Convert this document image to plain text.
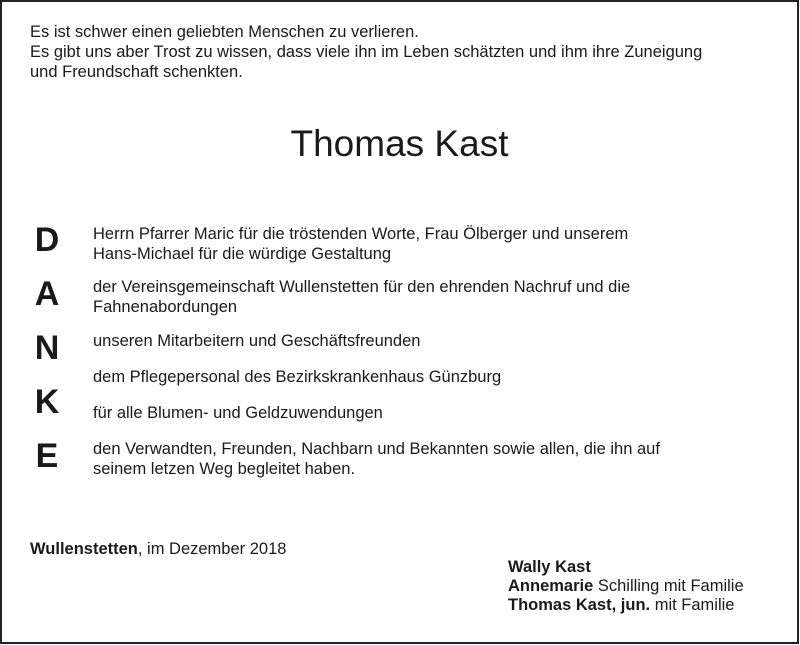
Es ist schwer einen geliebten Menschen zu verlieren.
Es gibt uns aber Trost zu wissen, dass viele ihn im Leben schätzten und ihm ihre Zuneigung
und Freundschaft schenkten.
Thomas Kast
D
A
N
K
E
Herrn Pfarrer Maric für die tröstenden Worte, Frau Ölberger und unserem
Hans-Michael für die würdige Gestaltung
der Vereinsgemeinschaft Wullenstetten für den ehrenden Nachruf und die
Fahnenabordungen
unseren Mitarbeitern und Geschäftsfreunden
dem Pflegepersonal des Bezirkskrankenhaus Günzburg
für alle Blumen- und Geldzuwendungen
den Verwandten, Freunden, Nachbarn und Bekannten sowie allen, die ihn auf
seinem letzen Weg begleitet haben.
Wullenstetten, im Dezember 2018
Wally Kast
Annemarie Schilling mit Familie
Thomas Kast, jun. mit Familie
